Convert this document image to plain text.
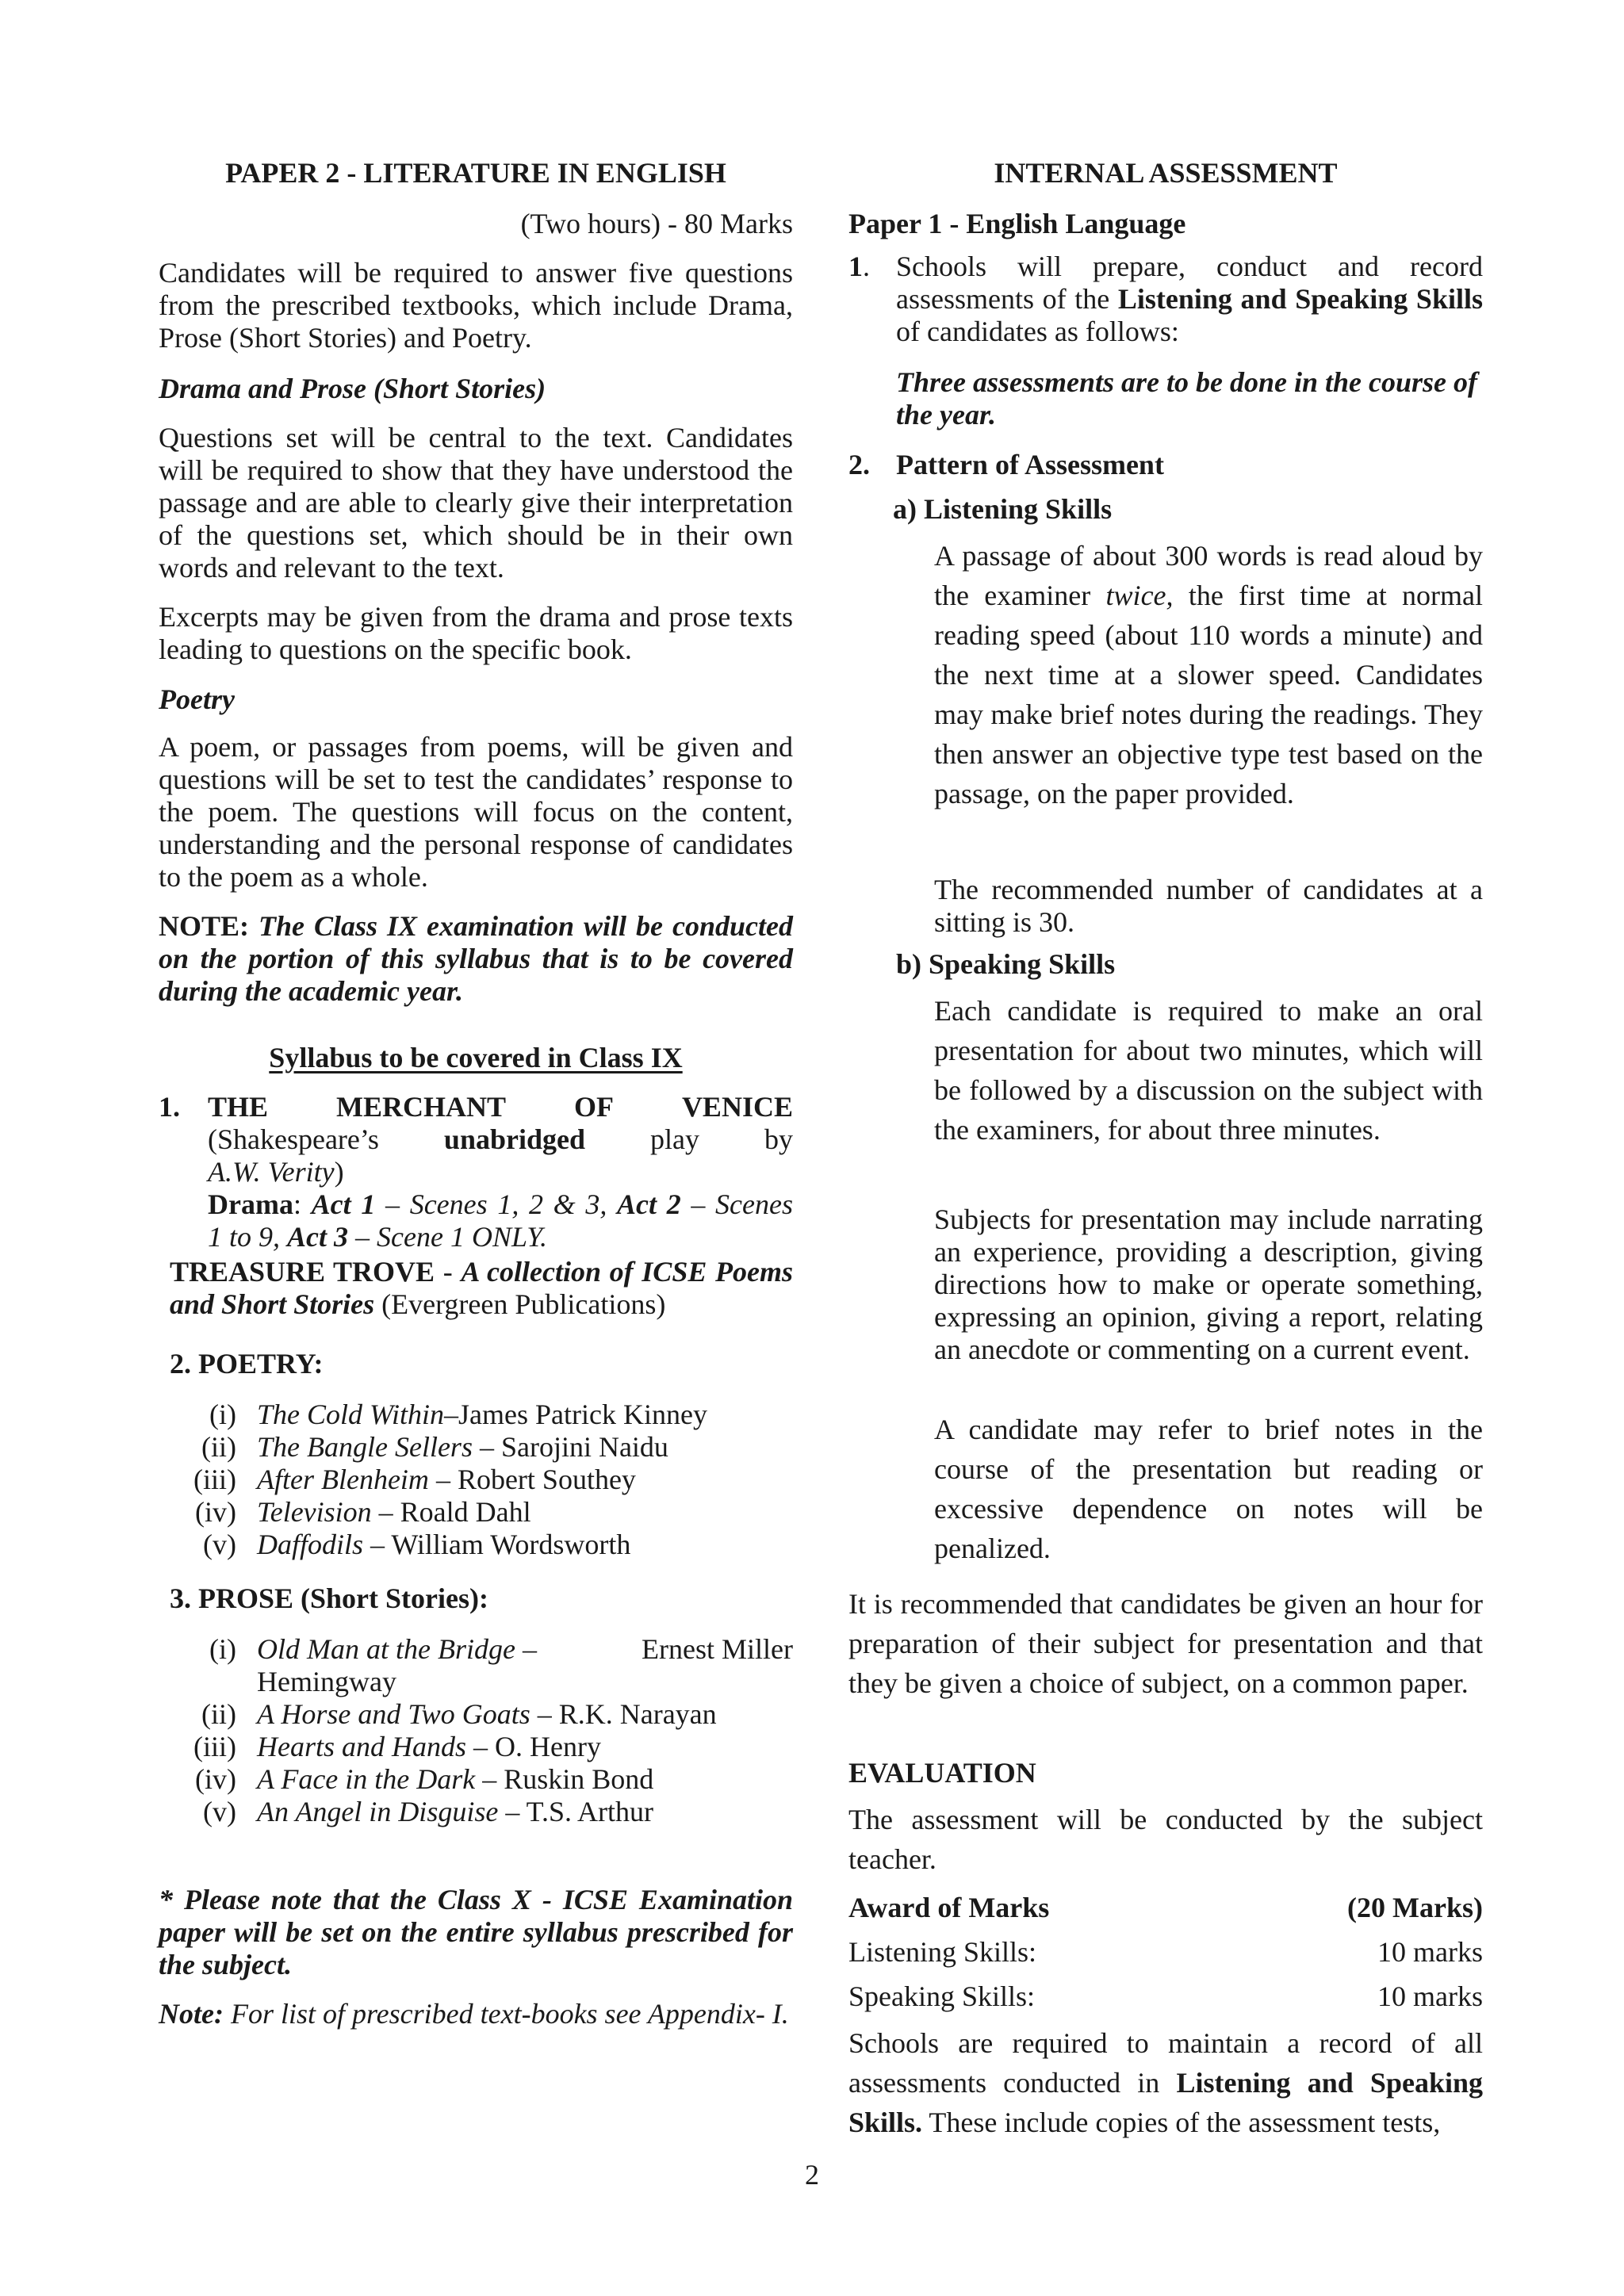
PAPER 2 - LITERATURE IN ENGLISH
(Two hours) - 80 Marks
Candidates will be required to answer five questions from the prescribed textbooks, which include Drama, Prose (Short Stories) and Poetry.
Drama and Prose (Short Stories)
Questions set will be central to the text. Candidates will be required to show that they have understood the passage and are able to clearly give their interpretation of the questions set, which should be in their own words and relevant to the text.
Excerpts may be given from the drama and prose texts leading to questions on the specific book.
Poetry
A poem, or passages from poems, will be given and questions will be set to test the candidates’ response to the poem. The questions will focus on the content, understanding and the personal response of candidates to the poem as a whole.
NOTE: The Class IX examination will be conducted on the portion of this syllabus that is to be covered during the academic year.
Syllabus to be covered in Class IX
1. THE MERCHANT OF VENICE
(Shakespeare’s unabridged play by
A.W. Verity)
Drama: Act 1 – Scenes 1, 2 & 3, Act 2 – Scenes
1 to 9, Act 3 – Scene 1 ONLY.
TREASURE TROVE - A collection of ICSE Poems and Short Stories (Evergreen Publications)
2. POETRY:
(i) The Cold Within–James Patrick Kinney
(ii) The Bangle Sellers – Sarojini Naidu
(iii) After Blenheim – Robert Southey
(iv) Television – Roald Dahl
(v) Daffodils – William Wordsworth
3. PROSE (Short Stories):
(i) Old Man at the Bridge –	Ernest Miller
Hemingway
(ii) A Horse and Two Goats – R.K. Narayan
(iii) Hearts and Hands – O. Henry
(iv) A Face in the Dark – Ruskin Bond
(v) An Angel in Disguise – T.S. Arthur
* Please note that the Class X - ICSE Examination paper will be set on the entire syllabus prescribed for the subject.
Note: For list of prescribed text-books see Appendix- I.
INTERNAL ASSESSMENT
Paper 1 - English Language
1. Schools will prepare, conduct and record assessments of the Listening and Speaking Skills of candidates as follows:
Three assessments are to be done in the course of the year.
2. Pattern of Assessment
a) Listening Skills
A passage of about 300 words is read aloud by the examiner twice, the first time at normal reading speed (about 110 words a minute) and the next time at a slower speed. Candidates may make brief notes during the readings. They then answer an objective type test based on the passage, on the paper provided.
The recommended number of candidates at a sitting is 30.
b) Speaking Skills
Each candidate is required to make an oral presentation for about two minutes, which will be followed by a discussion on the subject with the examiners, for about three minutes.
Subjects for presentation may include narrating an experience, providing a description, giving directions how to make or operate something, expressing an opinion, giving a report, relating an anecdote or commenting on a current event.
A candidate may refer to brief notes in the course of the presentation but reading or excessive dependence on notes will be penalized.
It is recommended that candidates be given an hour for preparation of their subject for presentation and that they be given a choice of subject, on a common paper.
EVALUATION
The assessment will be conducted by the subject teacher.
Award of Marks	(20 Marks)
Listening Skills:	10 marks
Speaking Skills:	10 marks
Schools are required to maintain a record of all assessments conducted in Listening and Speaking Skills. These include copies of the assessment tests,
2
